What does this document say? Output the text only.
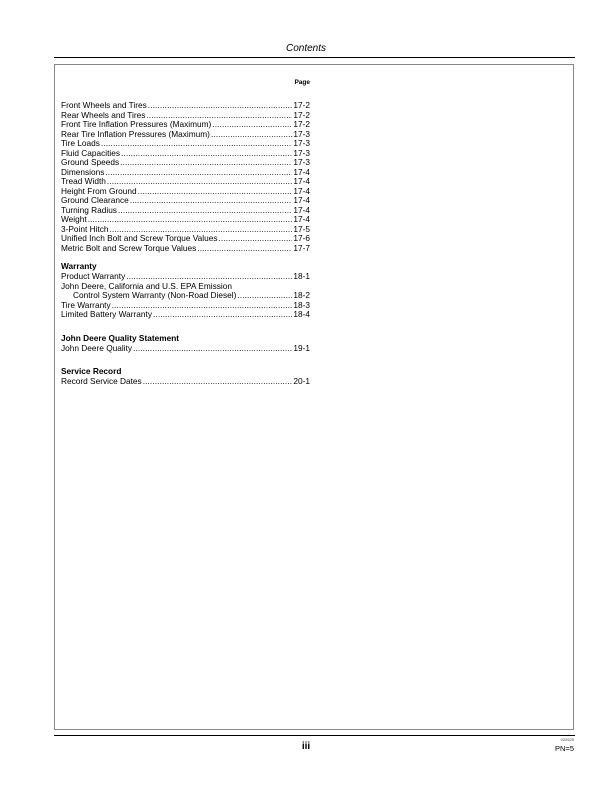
Contents
Page
Front Wheels and Tires . . .	17-2
Rear Wheels and Tires . . .	17-2
Front Tire Inflation Pressures (Maximum) . . .	17-2
Rear Tire Inflation Pressures (Maximum) . . .	17-3
Tire Loads . . .	17-3
Fluid Capacities . . .	17-3
Ground Speeds . . .	17-3
Dimensions . . .	17-4
Tread Width . . .	17-4
Height From Ground . . .	17-4
Ground Clearance . . .	17-4
Turning Radius . . .	17-4
Weight . . .	17-4
3-Point Hitch . . .	17-5
Unified Inch Bolt and Screw Torque Values . . .	17-6
Metric Bolt and Screw Torque Values . . .	17-7
Warranty
Product Warranty . . .	18-1
John Deere, California and U.S. EPA Emission
Control System Warranty (Non-Road Diesel) . . .	18-2
Tire Warranty . . .	18-3
Limited Battery Warranty . . .	18-4
John Deere Quality Statement
John Deere Quality . . .	19-1
Service Record
Record Service Dates . . .	20-1
iii
020525
PN=5
